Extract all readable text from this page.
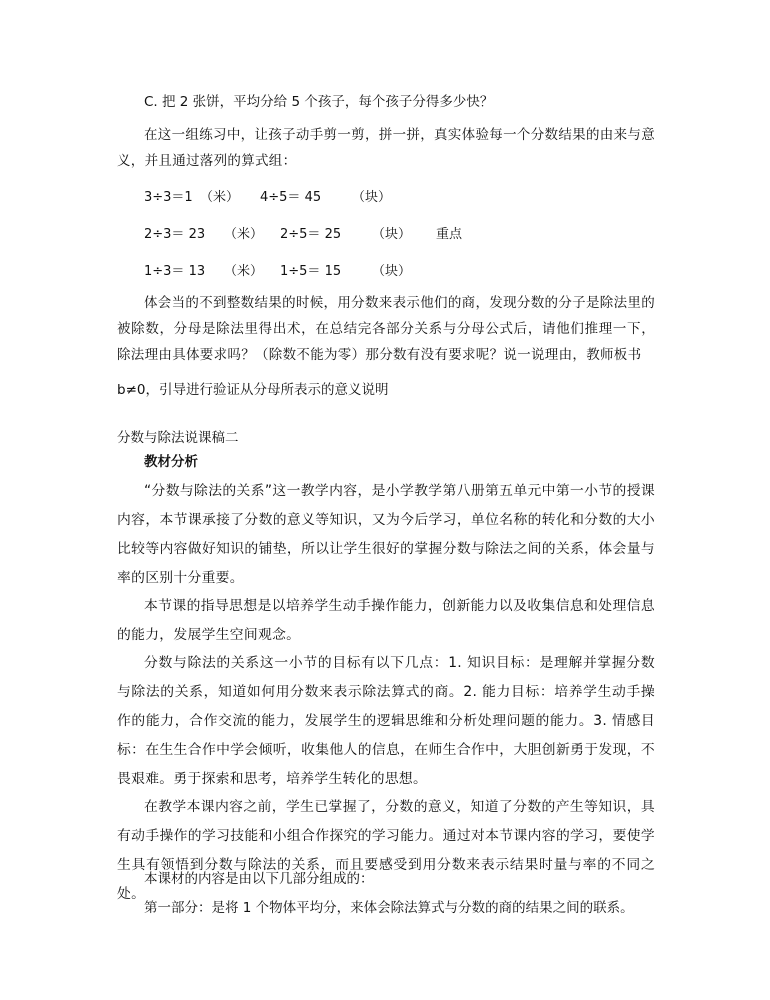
C. 把 2 张饼，平均分给 5 个孩子，每个孩子分得多少快？

在这一组练习中，让孩子动手剪一剪，拼一拼，真实体验每一个分数结果的由来与意义，并且通过落列的算式组：

3÷3＝1 （米） 4÷5＝ 45 （块）
2÷3＝ 23 （米） 2÷5＝ 25 （块） 重点
1÷3＝ 13 （米） 1÷5＝ 15 （块）

体会当的不到整数结果的时候，用分数来表示他们的商，发现分数的分子是除法里的被除数，分母是除法里得出术，在总结完各部分关系与分母公式后，请他们推理一下，除法理由具体要求吗？（除数不能为零）那分数有没有要求呢？说一说理由，教师板书

b≠0，引导进行验证从分母所表示的意义说明

分数与除法说课稿二

教材分析

“分数与除法的关系”这一教学内容，是小学教学第八册第五单元中第一小节的授课内容，本节课承接了分数的意义等知识，又为今后学习，单位名称的转化和分数的大小比较等内容做好知识的铺垫，所以让学生很好的掌握分数与除法之间的关系，体会量与率的区别十分重要。

本节课的指导思想是以培养学生动手操作能力，创新能力以及收集信息和处理信息的能力，发展学生空间观念。

分数与除法的关系这一小节的目标有以下几点：1. 知识目标：是理解并掌握分数与除法的关系，知道如何用分数来表示除法算式的商。2. 能力目标：培养学生动手操作的能力，合作交流的能力，发展学生的逻辑思维和分析处理问题的能力。3. 情感目标：在生生合作中学会倾听，收集他人的信息，在师生合作中，大胆创新勇于发现，不畏艰难。勇于探索和思考，培养学生转化的思想。

在教学本课内容之前，学生已掌握了，分数的意义，知道了分数的产生等知识，具有动手操作的学习技能和小组合作探究的学习能力。通过对本节课内容的学习，要使学生具有领悟到分数与除法的关系，而且要感受到用分数来表示结果时量与率的不同之处。

本课材的内容是由以下几部分组成的：

第一部分：是将 1 个物体平均分，来体会除法算式与分数的商的结果之间的联系。
